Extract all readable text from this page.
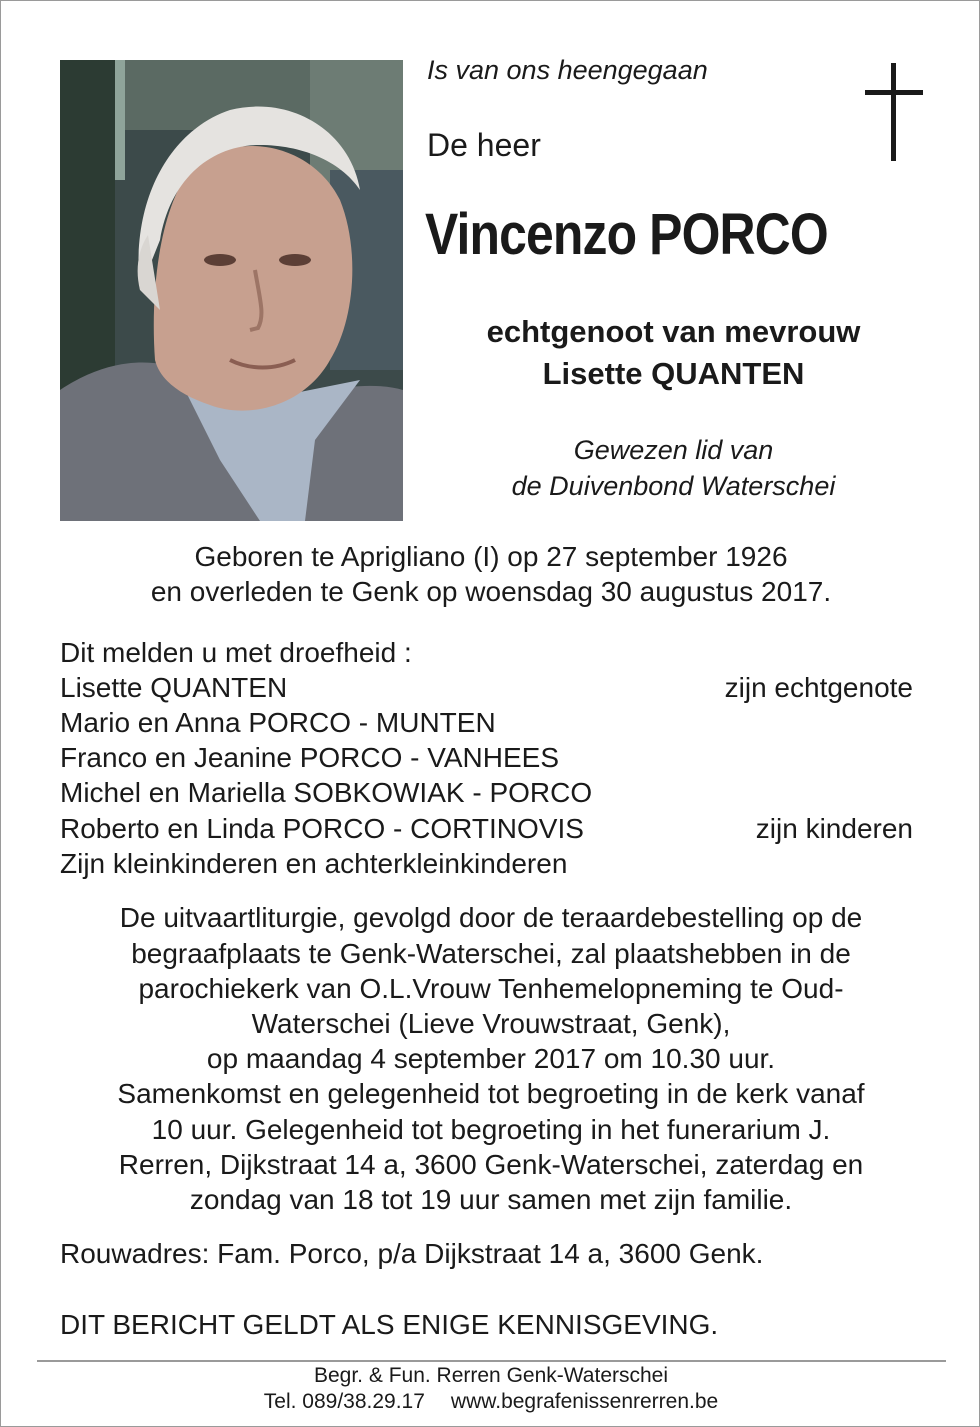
Is van ons heengegaan
De heer
Vincenzo PORCO
echtgenoot van mevrouw
Lisette QUANTEN
Gewezen lid van
de Duivenbond Waterschei
Geboren te Aprigliano (I) op 27 september 1926
en overleden te Genk op woensdag 30 augustus 2017.
Dit melden u met droefheid :
Lisette QUANTEN	zijn echtgenote
Mario en Anna PORCO - MUNTEN
Franco en Jeanine PORCO - VANHEES
Michel en Mariella SOBKOWIAK - PORCO
Roberto en Linda PORCO - CORTINOVIS	zijn kinderen
Zijn kleinkinderen en achterkleinkinderen
De uitvaartliturgie, gevolgd door de teraardebestelling op de
begraafplaats te Genk-Waterschei, zal plaatshebben in de
parochiekerk van O.L.Vrouw Tenhemelopneming te Oud-
Waterschei (Lieve Vrouwstraat, Genk),
op maandag 4 september 2017 om 10.30 uur.
Samenkomst en gelegenheid tot begroeting in de kerk vanaf
10 uur. Gelegenheid tot begroeting in het funerarium J.
Rerren, Dijkstraat 14 a, 3600 Genk-Waterschei, zaterdag en
zondag van 18 tot 19 uur samen met zijn familie.
Rouwadres: Fam. Porco, p/a Dijkstraat 14 a, 3600 Genk.
DIT BERICHT GELDT ALS ENIGE KENNISGEVING.
Begr. & Fun. Rerren Genk-Waterschei
Tel. 089/38.29.17 www.begrafenissenrerren.be
